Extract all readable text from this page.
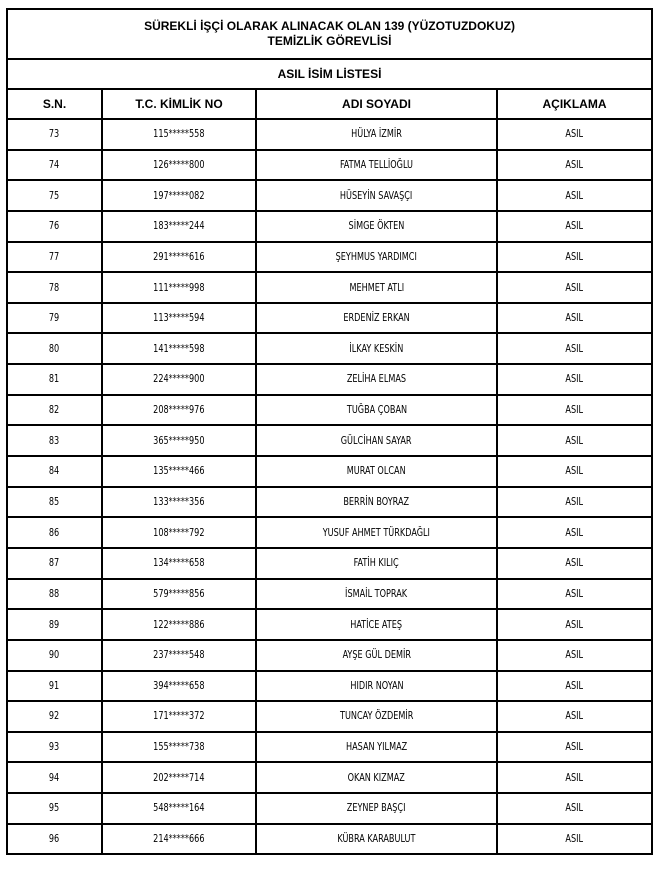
SÜREKLİ İŞÇİ OLARAK ALINACAK OLAN 139 (YÜZOTUZDOKUZ)
TEMİZLİK GÖREVLİSİ			

ASIL İSİM LİSTESİ			
S.N.	T.C. KİMLİK NO	ADI SOYADI	AÇIKLAMA
73	115*****558	HÜLYA İZMİR	ASIL
74	126*****800	FATMA TELLİOĞLU	ASIL
75	197*****082	HÜSEYİN SAVAŞÇI	ASIL
76	183*****244	SİMGE ÖKTEN	ASIL
77	291*****616	ŞEYHMUS YARDIMCI	ASIL
78	111*****998	MEHMET ATLI	ASIL
79	113*****594	ERDENİZ ERKAN	ASIL
80	141*****598	İLKAY KESKİN	ASIL
81	224*****900	ZELİHA ELMAS	ASIL
82	208*****976	TUĞBA ÇOBAN	ASIL
83	365*****950	GÜLCİHAN SAYAR	ASIL
84	135*****466	MURAT OLCAN	ASIL
85	133*****356	BERRİN BOYRAZ	ASIL
86	108*****792	YUSUF AHMET TÜRKDAĞLI	ASIL
87	134*****658	FATİH KILIÇ	ASIL
88	579*****856	İSMAİL TOPRAK	ASIL
89	122*****886	HATİCE ATEŞ	ASIL
90	237*****548	AYŞE GÜL DEMİR	ASIL
91	394*****658	HIDIR NOYAN	ASIL
92	171*****372	TUNCAY ÖZDEMİR	ASIL
93	155*****738	HASAN YILMAZ	ASIL
94	202*****714	OKAN KIZMAZ	ASIL
95	548*****164	ZEYNEP BAŞÇI	ASIL
96	214*****666	KÜBRA KARABULUT	ASIL
